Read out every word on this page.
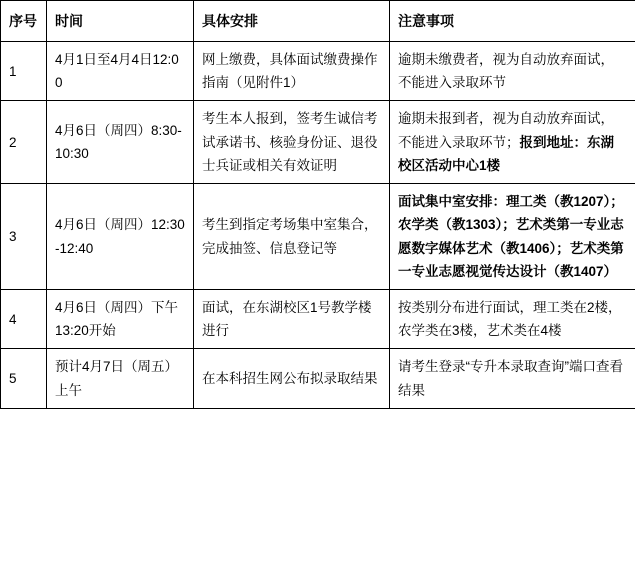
序号	时间	具体安排	注意事项
1	4月1日至4月4日12:00	网上缴费，具体面试缴费操作指南（见附件1）	逾期未缴费者，视为自动放弃面试，不能进入录取环节
2	4月6日（周四）8:30-10:30	考生本人报到，签考生诚信考试承诺书、核验身份证、退役士兵证或相关有效证明	逾期未报到者，视为自动放弃面试，不能进入录取环节；报到地址：东湖校区活动中心1楼
3	4月6日（周四）12:30-12:40	考生到指定考场集中室集合，完成抽签、信息登记等	面试集中室安排：理工类（教1207）；农学类（教1303）；艺术类第一专业志愿数字媒体艺术（教1406）；艺术类第一专业志愿视觉传达设计（教1407）
4	4月6日（周四）下午13:20开始	面试，在东湖校区1号教学楼进行	按类别分布进行面试，理工类在2楼，农学类在3楼，艺术类在4楼
5	预计4月7日（周五）上午	在本科招生网公布拟录取结果	请考生登录“专升本录取查询”端口查看结果
